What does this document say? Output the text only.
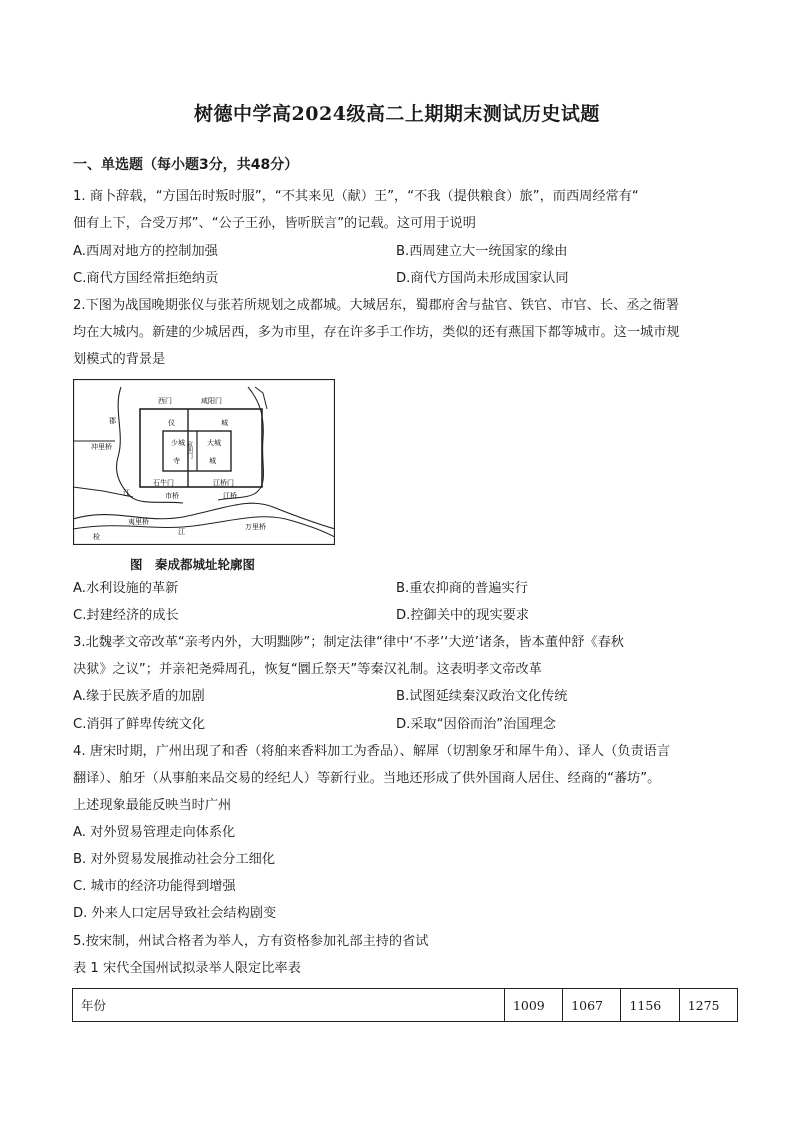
树德中学高2024级高二上期期末测试历史试题
一、单选题（每小题3分，共48分）
1. 商卜辞载，“方国缶时叛时服”，“不其来见（献）王”，“不我（提供粮食）旅”，而西周经常有“
佃有上下，合受万邦”、“公子王孙，皆听朕言”的记载。这可用于说明
A.西周对地方的控制加强	B.西周建立大一统国家的缘由
C.商代方国经常拒绝纳贡	D.商代方国尚未形成国家认同
2.下图为战国晚期张仪与张若所规划之成都城。大城居东，蜀郡府舍与盐官、铁官、市官、长、丞之衙署
均在大城内。新建的少城居西，多为市里，存在许多手工作坊，类似的还有燕国下都等城市。这一城市规
划模式的背景是
西门	咸阳门
郡
冲里桥
仪	城
少城 宣明门 大城
寺	城
石牛门	江桥门
市桥	江桥
江
夷里桥
江
万里桥
检
图　秦成都城址轮廓图
A.水利设施的革新	B.重农抑商的普遍实行
C.封建经济的成长	D.控御关中的现实要求
3.北魏孝文帝改革“亲考内外，大明黜陟”；制定法律“律中‘不孝’‘大逆’诸条，皆本董仲舒《春秋
决狱》之议”；并亲祀尧舜周孔，恢复“圜丘祭天”等秦汉礼制。这表明孝文帝改革
A.缘于民族矛盾的加剧	B.试图延续秦汉政治文化传统
C.消弭了鲜卑传统文化	D.采取“因俗而治”治国理念
4. 唐宋时期，广州出现了和香（将舶来香料加工为香品）、解犀（切割象牙和犀牛角）、译人（负责语言
翻译）、舶牙（从事舶来品交易的经纪人）等新行业。当地还形成了供外国商人居住、经商的“蕃坊”。
上述现象最能反映当时广州
A. 对外贸易管理走向体系化
B. 对外贸易发展推动社会分工细化
C. 城市的经济功能得到增强
D. 外来人口定居导致社会结构剧变
5.按宋制，州试合格者为举人，方有资格参加礼部主持的省试
表 1 宋代全国州试拟录举人限定比率表
年份	1009	1067	1156	1275
